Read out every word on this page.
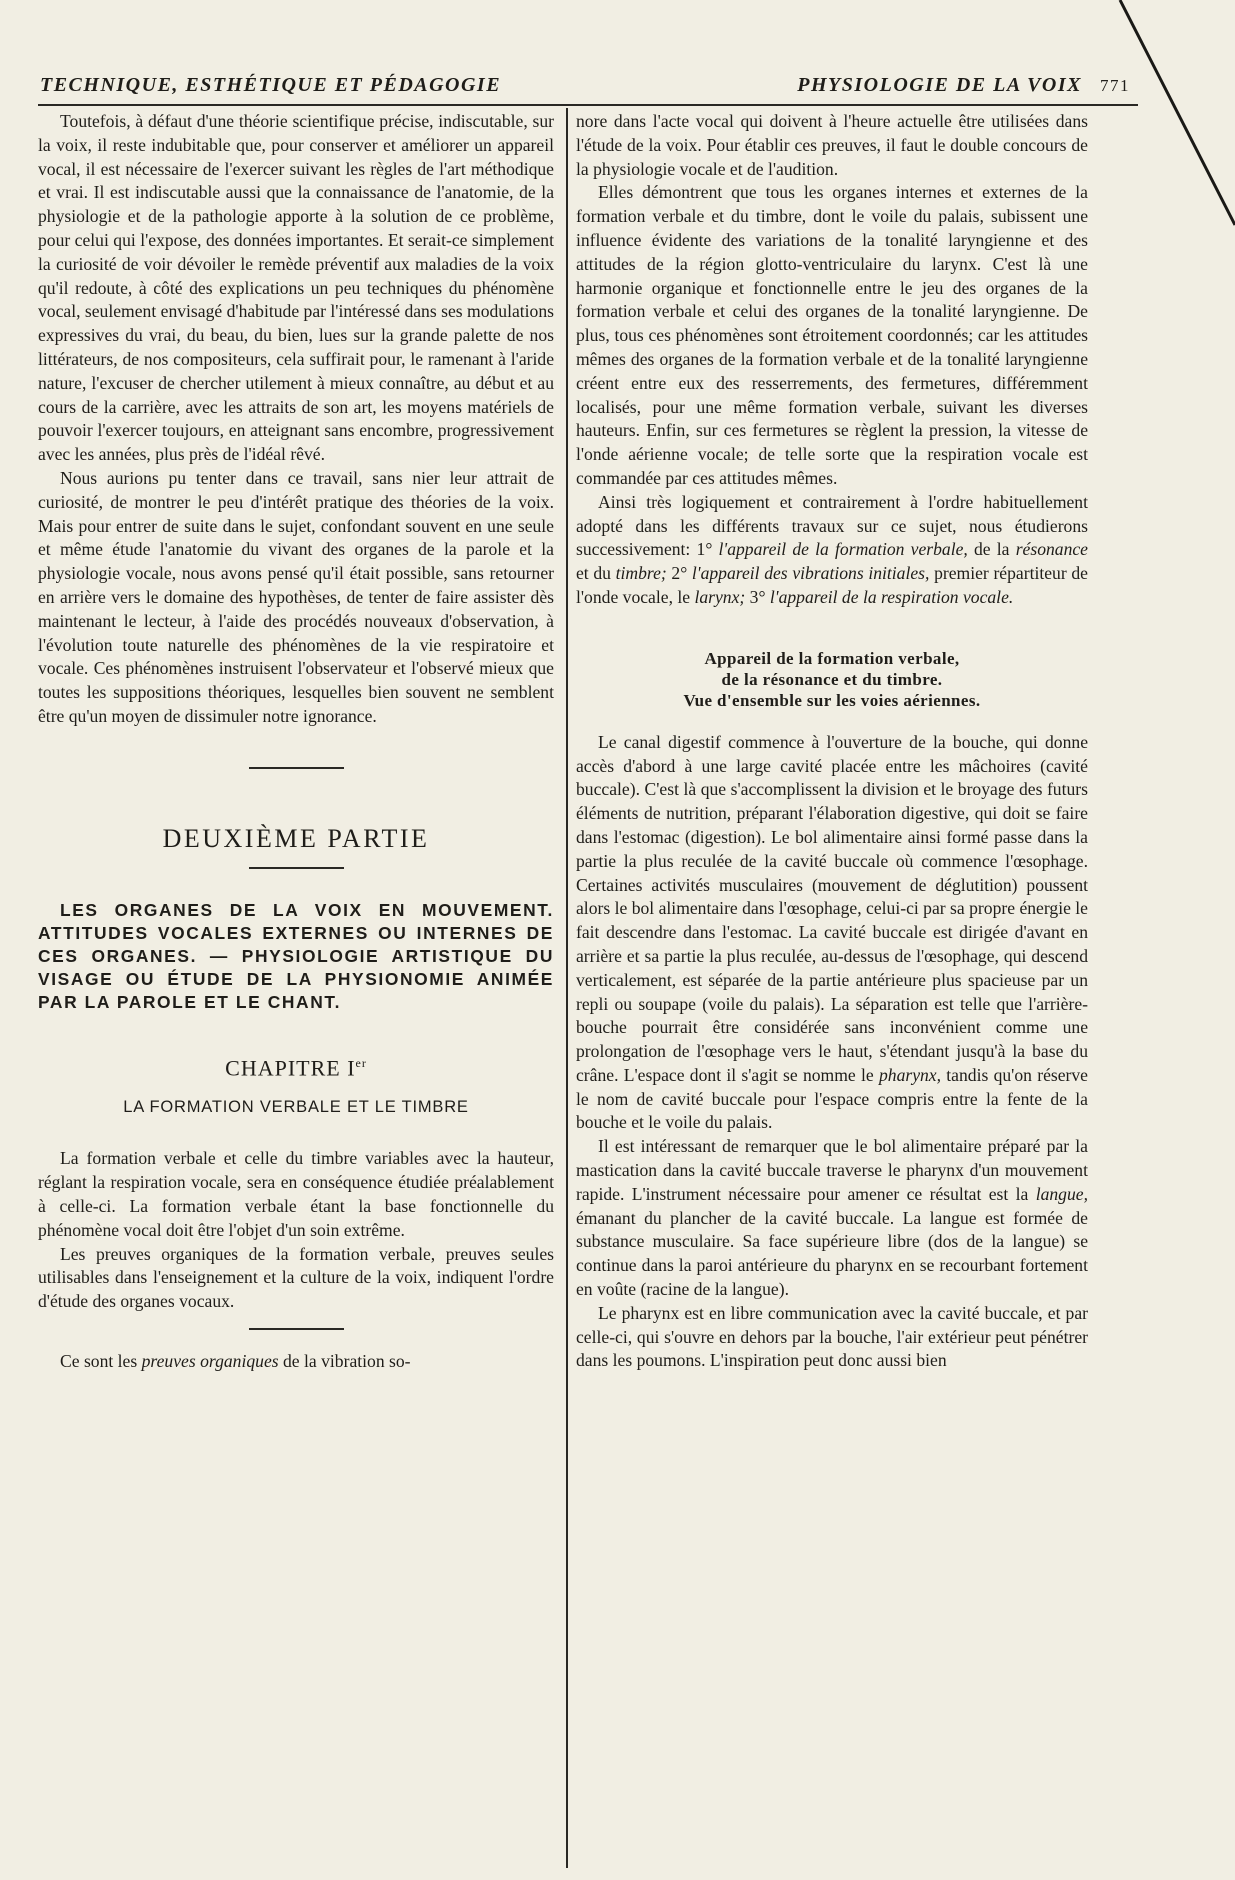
TECHNIQUE, ESTHÉTIQUE ET PÉDAGOGIE	PHYSIOLOGIE DE LA VOIX 771

Toutefois, à défaut d'une théorie scientifique précise, indiscutable, sur la voix, il reste indubitable que, pour conserver et améliorer un appareil vocal, il est nécessaire de l'exercer suivant les règles de l'art méthodique et vrai. Il est indiscutable aussi que la connaissance de l'anatomie, de la physiologie et de la pathologie apporte à la solution de ce problème, pour celui qui l'expose, des données importantes. Et serait-ce simplement la curiosité de voir dévoiler le remède préventif aux maladies de la voix qu'il redoute, à côté des explications un peu techniques du phénomène vocal, seulement envisagé d'habitude par l'intéressé dans ses modulations expressives du vrai, du beau, du bien, lues sur la grande palette de nos littérateurs, de nos compositeurs, cela suffirait pour, le ramenant à l'aride nature, l'excuser de chercher utilement à mieux connaître, au début et au cours de la carrière, avec les attraits de son art, les moyens matériels de pouvoir l'exercer toujours, en atteignant sans encombre, progressivement avec les années, plus près de l'idéal rêvé.

Nous aurions pu tenter dans ce travail, sans nier leur attrait de curiosité, de montrer le peu d'intérêt pratique des théories de la voix. Mais pour entrer de suite dans le sujet, confondant souvent en une seule et même étude l'anatomie du vivant des organes de la parole et la physiologie vocale, nous avons pensé qu'il était possible, sans retourner en arrière vers le domaine des hypothèses, de tenter de faire assister dès maintenant le lecteur, à l'aide des procédés nouveaux d'observation, à l'évolution toute naturelle des phénomènes de la vie respiratoire et vocale. Ces phénomènes instruisent l'observateur et l'observé mieux que toutes les suppositions théoriques, lesquelles bien souvent ne semblent être qu'un moyen de dissimuler notre ignorance.

DEUXIÈME PARTIE

LES ORGANES DE LA VOIX EN MOUVEMENT. ATTITUDES VOCALES EXTERNES OU INTERNES DE CES ORGANES. — PHYSIOLOGIE ARTISTIQUE DU VISAGE OU ÉTUDE DE LA PHYSIONOMIE ANIMÉE PAR LA PAROLE ET LE CHANT.

CHAPITRE Ier
LA FORMATION VERBALE ET LE TIMBRE

La formation verbale et celle du timbre variables avec la hauteur, réglant la respiration vocale, sera en conséquence étudiée préalablement à celle-ci. La formation verbale étant la base fonctionnelle du phénomène vocal doit être l'objet d'un soin extrême.

Les preuves organiques de la formation verbale, preuves seules utilisables dans l'enseignement et la culture de la voix, indiquent l'ordre d'étude des organes vocaux.

Ce sont les preuves organiques de la vibration so-

nore dans l'acte vocal qui doivent à l'heure actuelle être utilisées dans l'étude de la voix. Pour établir ces preuves, il faut le double concours de la physiologie vocale et de l'audition.

Elles démontrent que tous les organes internes et externes de la formation verbale et du timbre, dont le voile du palais, subissent une influence évidente des variations de la tonalité laryngienne et des attitudes de la région glotto-ventriculaire du larynx. C'est là une harmonie organique et fonctionnelle entre le jeu des organes de la formation verbale et celui des organes de la tonalité laryngienne. De plus, tous ces phénomènes sont étroitement coordonnés; car les attitudes mêmes des organes de la formation verbale et de la tonalité laryngienne créent entre eux des resserrements, des fermetures, différemment localisés, pour une même formation verbale, suivant les diverses hauteurs. Enfin, sur ces fermetures se règlent la pression, la vitesse de l'onde aérienne vocale; de telle sorte que la respiration vocale est commandée par ces attitudes mêmes.

Ainsi très logiquement et contrairement à l'ordre habituellement adopté dans les différents travaux sur ce sujet, nous étudierons successivement: 1° l'appareil de la formation verbale, de la résonance et du timbre; 2° l'appareil des vibrations initiales, premier répartiteur de l'onde vocale, le larynx; 3° l'appareil de la respiration vocale.

Appareil de la formation verbale,
de la résonance et du timbre.
Vue d'ensemble sur les voies aériennes.

Le canal digestif commence à l'ouverture de la bouche, qui donne accès d'abord à une large cavité placée entre les mâchoires (cavité buccale). C'est là que s'accomplissent la division et le broyage des futurs éléments de nutrition, préparant l'élaboration digestive, qui doit se faire dans l'estomac (digestion). Le bol alimentaire ainsi formé passe dans la partie la plus reculée de la cavité buccale où commence l'œsophage. Certaines activités musculaires (mouvement de déglutition) poussent alors le bol alimentaire dans l'œsophage, celui-ci par sa propre énergie le fait descendre dans l'estomac. La cavité buccale est dirigée d'avant en arrière et sa partie la plus reculée, au-dessus de l'œsophage, qui descend verticalement, est séparée de la partie antérieure plus spacieuse par un repli ou soupape (voile du palais). La séparation est telle que l'arrière-bouche pourrait être considérée sans inconvénient comme une prolongation de l'œsophage vers le haut, s'étendant jusqu'à la base du crâne. L'espace dont il s'agit se nomme le pharynx, tandis qu'on réserve le nom de cavité buccale pour l'espace compris entre la fente de la bouche et le voile du palais.

Il est intéressant de remarquer que le bol alimentaire préparé par la mastication dans la cavité buccale traverse le pharynx d'un mouvement rapide. L'instrument nécessaire pour amener ce résultat est la langue, émanant du plancher de la cavité buccale. La langue est formée de substance musculaire. Sa face supérieure libre (dos de la langue) se continue dans la paroi antérieure du pharynx en se recourbant fortement en voûte (racine de la langue).

Le pharynx est en libre communication avec la cavité buccale, et par celle-ci, qui s'ouvre en dehors par la bouche, l'air extérieur peut pénétrer dans les poumons. L'inspiration peut donc aussi bien
